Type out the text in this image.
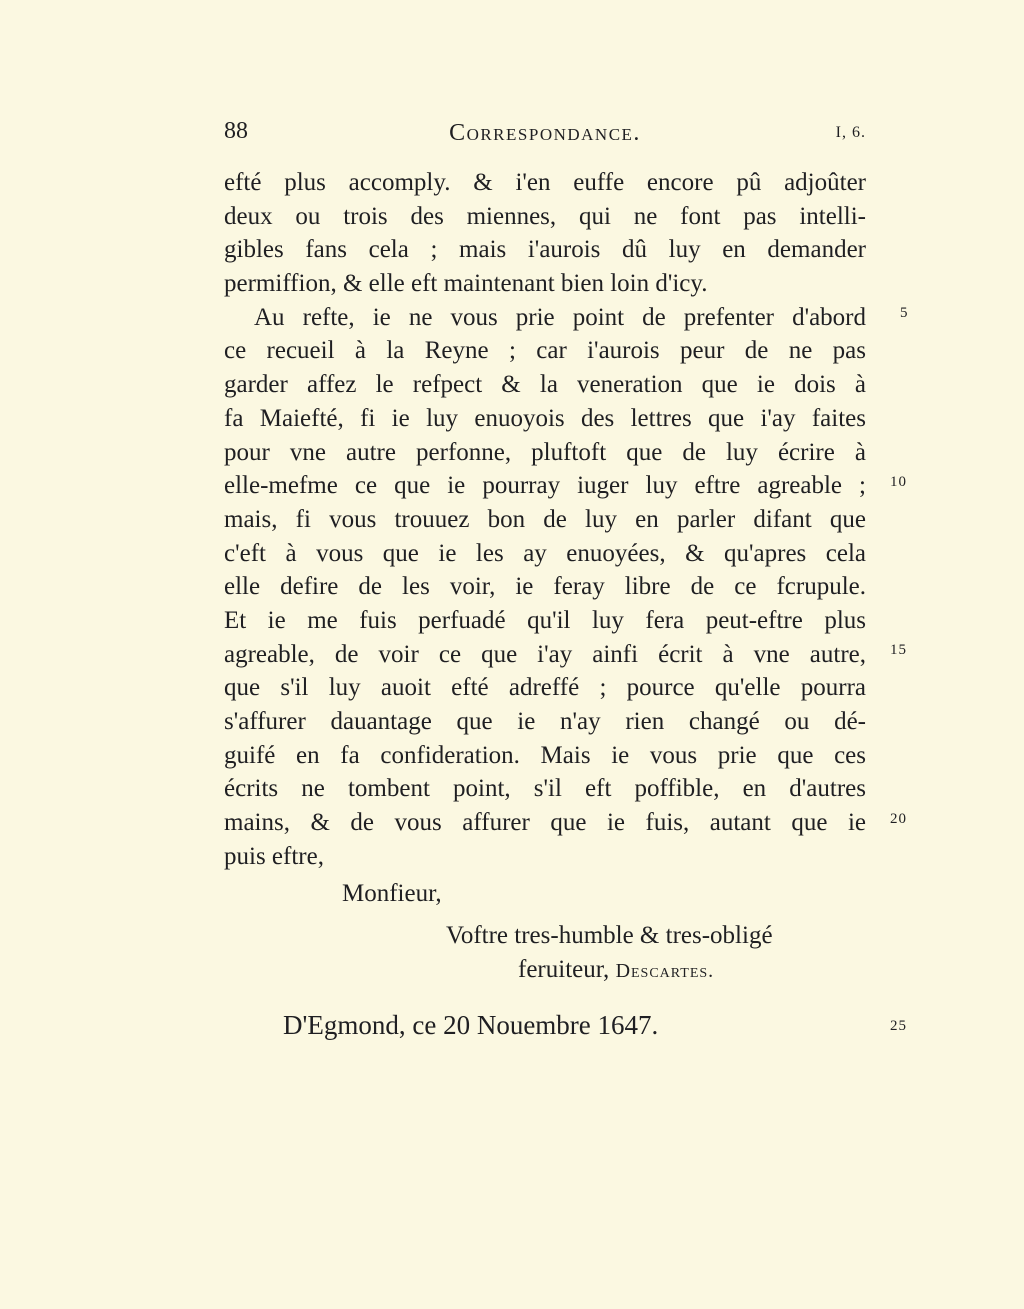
88	Correspondance.	I, 6.
efté plus accomply. & i'en euffe encore pû adjoûter
deux ou trois des miennes, qui ne font pas intelli-
gibles fans cela ; mais i'aurois dû luy en demander
permiffion, & elle eft maintenant bien loin d'icy.
Au refte, ie ne vous prie point de prefenter d'abord
ce recueil à la Reyne ; car i'aurois peur de ne pas
garder affez le refpect & la veneration que ie dois à
fa Maiefté, fi ie luy enuoyois des lettres que i'ay faites
pour vne autre perfonne, pluftoft que de luy écrire à
elle-mefme ce que ie pourray iuger luy eftre agreable ;
mais, fi vous trouuez bon de luy en parler difant que
c'eft à vous que ie les ay enuoyées, & qu'apres cela
elle defire de les voir, ie feray libre de ce fcrupule.
Et ie me fuis perfuadé qu'il luy fera peut-eftre plus
agreable, de voir ce que i'ay ainfi écrit à vne autre,
que s'il luy auoit efté adreffé ; pource qu'elle pourra
s'affurer dauantage que ie n'ay rien changé ou dé-
guifé en fa confideration. Mais ie vous prie que ces
écrits ne tombent point, s'il eft poffible, en d'autres
mains, & de vous affurer que ie fuis, autant que ie
puis eftre,
5
10
15
20
25
Monfieur,
Voftre tres-humble & tres-obligé
feruiteur, Descartes.
D'Egmond, ce 20 Nouembre 1647.
